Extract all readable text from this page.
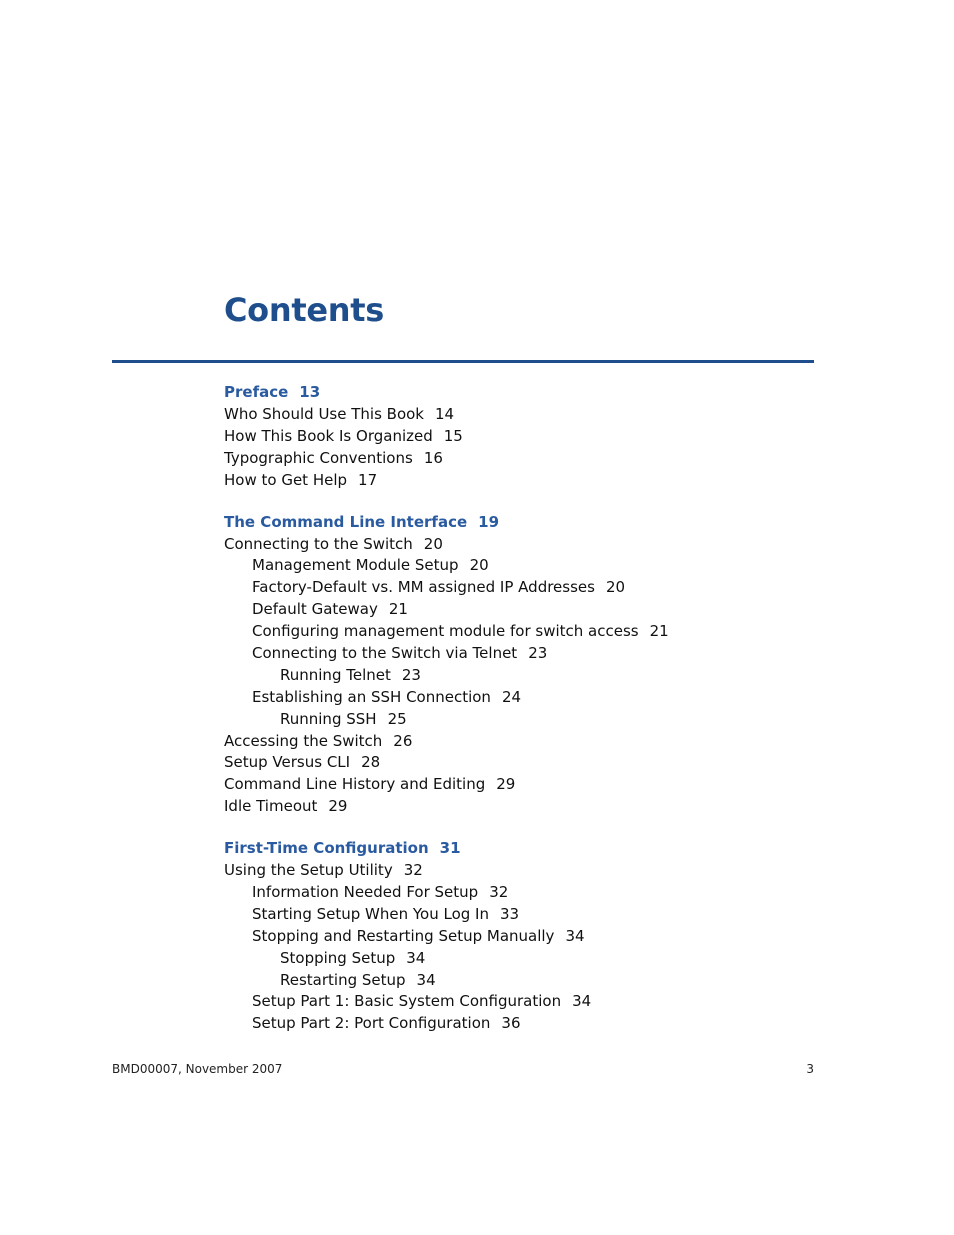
Contents
Preface 13
Who Should Use This Book 14
How This Book Is Organized 15
Typographic Conventions 16
How to Get Help 17
The Command Line Interface 19
Connecting to the Switch 20
Management Module Setup 20
Factory-Default vs. MM assigned IP Addresses 20
Default Gateway 21
Configuring management module for switch access 21
Connecting to the Switch via Telnet 23
Running Telnet 23
Establishing an SSH Connection 24
Running SSH 25
Accessing the Switch 26
Setup Versus CLI 28
Command Line History and Editing 29
Idle Timeout 29
First-Time Configuration 31
Using the Setup Utility 32
Information Needed For Setup 32
Starting Setup When You Log In 33
Stopping and Restarting Setup Manually 34
Stopping Setup 34
Restarting Setup 34
Setup Part 1: Basic System Configuration 34
Setup Part 2: Port Configuration 36
BMD00007, November 2007	3
